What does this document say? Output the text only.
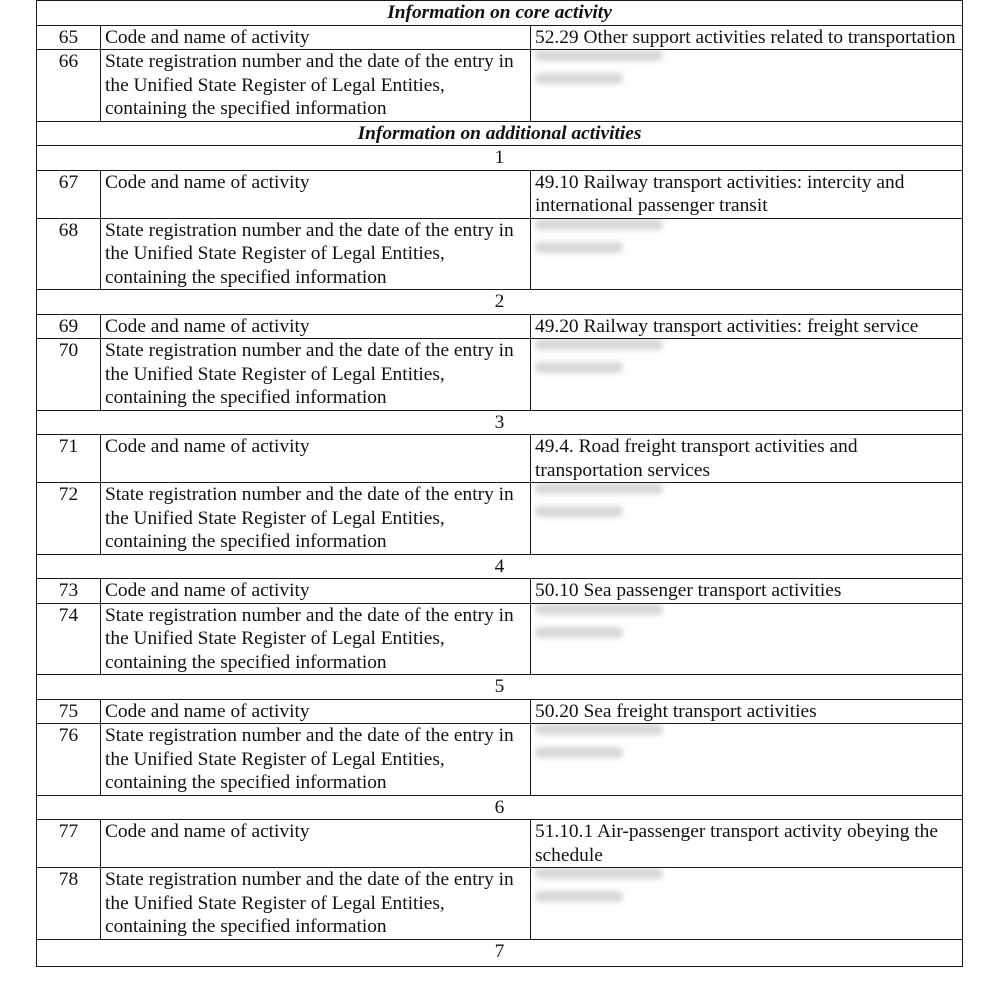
Information on core activity		
65	Code and name of activity	52.29 Other support activities related to transportation
66	State registration number and the date of the entry in the Unified State Register of Legal Entities, containing the specified information	

Information on additional activities		
1		
67	Code and name of activity	49.10 Railway transport activities: intercity and international passenger transit
68	State registration number and the date of the entry in the Unified State Register of Legal Entities, containing the specified information	

2		
69	Code and name of activity	49.20 Railway transport activities: freight service
70	State registration number and the date of the entry in the Unified State Register of Legal Entities, containing the specified information	

3		
71	Code and name of activity	49.4. Road freight transport activities and transportation services
72	State registration number and the date of the entry in the Unified State Register of Legal Entities, containing the specified information	

4		
73	Code and name of activity	50.10 Sea passenger transport activities
74	State registration number and the date of the entry in the Unified State Register of Legal Entities, containing the specified information	

5		
75	Code and name of activity	50.20 Sea freight transport activities
76	State registration number and the date of the entry in the Unified State Register of Legal Entities, containing the specified information	

6		
77	Code and name of activity	51.10.1 Air-passenger transport activity obeying the schedule
78	State registration number and the date of the entry in the Unified State Register of Legal Entities, containing the specified information	

7		
